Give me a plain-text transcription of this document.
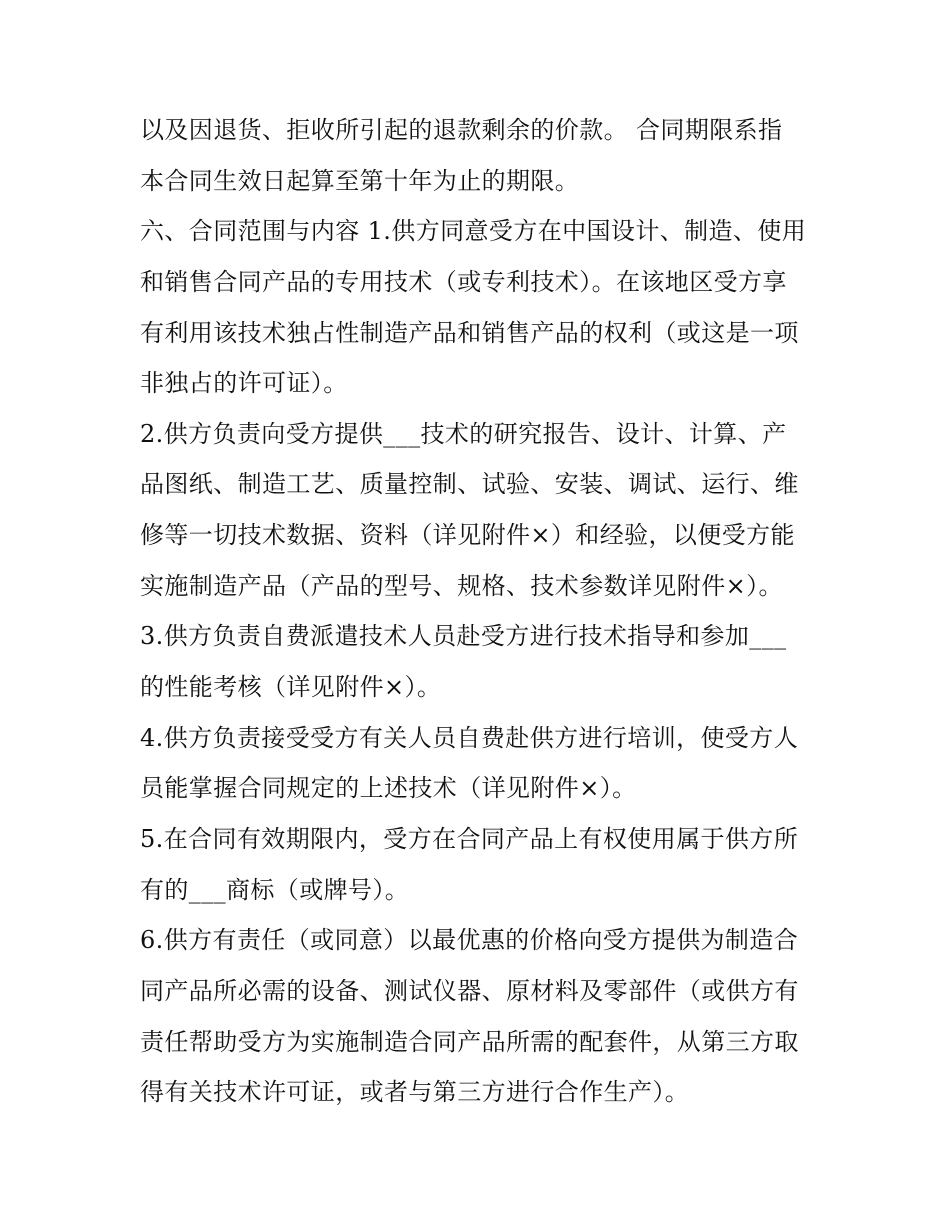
以及因退货、拒收所引起的退款剩余的价款。 合同期限系指
本合同生效日起算至第十年为止的期限。
六、合同范围与内容 1.供方同意受方在中国设计、制造、使用
和销售合同产品的专用技术（或专利技术）。在该地区受方享
有利用该技术独占性制造产品和销售产品的权利（或这是一项
非独占的许可证）。
2.供方负责向受方提供___技术的研究报告、设计、计算、产
品图纸、制造工艺、质量控制、试验、安装、调试、运行、维
修等一切技术数据、资料（详见附件×）和经验，以便受方能
实施制造产品（产品的型号、规格、技术参数详见附件×）。
3.供方负责自费派遣技术人员赴受方进行技术指导和参加___
的性能考核（详见附件×）。
4.供方负责接受受方有关人员自费赴供方进行培训，使受方人
员能掌握合同规定的上述技术（详见附件×）。
5.在合同有效期限内，受方在合同产品上有权使用属于供方所
有的___商标（或牌号）。
6.供方有责任（或同意）以最优惠的价格向受方提供为制造合
同产品所必需的设备、测试仪器、原材料及零部件（或供方有
责任帮助受方为实施制造合同产品所需的配套件，从第三方取
得有关技术许可证，或者与第三方进行合作生产）。
